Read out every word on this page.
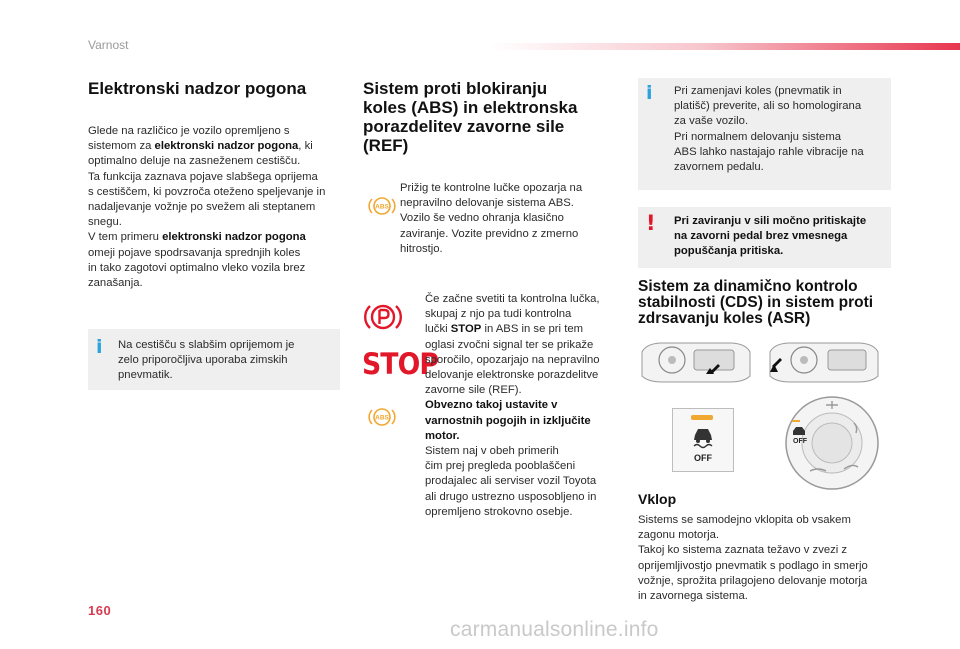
Varnost
Elektronski nadzor pogona

Glede na različico je vozilo opremljeno s
sistemom za elektronski nadzor pogona, ki
optimalno deluje na zasneženem cestišču.
Ta funkcija zaznava pojave slabšega oprijema
s cestiščem, ki povzroča oteženo speljevanje in
nadaljevanje vožnje po svežem ali steptanem
snegu.
V tem primeru elektronski nadzor pogona
omeji pojave spodrsavanja sprednjih koles
in tako zagotovi optimalno vleko vozila brez
zanašanja.

i Na cestišču s slabšim oprijemom je
zelo priporočljiva uporaba zimskih
pnevmatik.

Sistem proti blokiranju
koles (ABS) in elektronska
porazdelitev zavorne sile
(REF)
ABS

Prižig te kontrolne lučke opozarja na
nepravilno delovanje sistema ABS.
Vozilo še vedno ohranja klasično
zaviranje. Vozite previdno z zmerno
hitrostjo.

STOP
ABS

Če začne svetiti ta kontrolna lučka,
skupaj z njo pa tudi kontrolna
lučki STOP in ABS in se pri tem
oglasi zvočni signal ter se prikaže
sporočilo, opozarjajo na nepravilno
delovanje elektronske porazdelitve
zavorne sile (REF).
Obvezno takoj ustavite v
varnostnih pogojih in izključite
motor.
Sistem naj v obeh primerih
čim prej pregleda pooblaščeni
prodajalec ali serviser vozil Toyota
ali drugo ustrezno usposobljeno in
opremljeno strokovno osebje.

i Pri zamenjavi koles (pnevmatik in
platišč) preverite, ali so homologirana
za vaše vozilo.
Pri normalnem delovanju sistema
ABS lahko nastajajo rahle vibracije na
zavornem pedalu.

! Pri zaviranju v sili močno pritiskajte
na zavorni pedal brez vmesnega
popuščanja pritiska.

Sistem za dinamično kontrolo
stabilnosti (CDS) in sistem proti
zdrsavanju koles (ASR)
OFF
OFF
Vklop

Sistems se samodejno vklopita ob vsakem
zagonu motorja.
Takoj ko sistema zaznata težavo v zvezi z
oprijemljivostjo pnevmatik s podlago in smerjo
vožnje, sprožita prilagojeno delovanje motorja
in zavornega sistema.

160
carmanualsonline.info
